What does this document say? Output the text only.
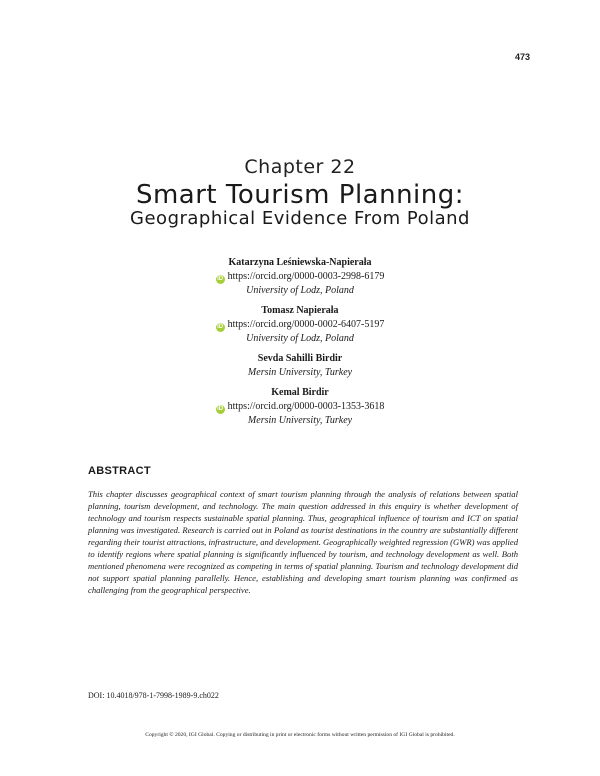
473
Chapter 22
Smart Tourism Planning:
Geographical Evidence From Poland
Katarzyna Leśniewska-Napierała
iD https://orcid.org/0000-0003-2998-6179
University of Lodz, Poland
Tomasz Napierała
iD https://orcid.org/0000-0002-6407-5197
University of Lodz, Poland
Sevda Sahilli Birdir
Mersin University, Turkey
Kemal Birdir
iD https://orcid.org/0000-0003-1353-3618
Mersin University, Turkey
ABSTRACT
This chapter discusses geographical context of smart tourism planning through the analysis of relations between spatial planning, tourism development, and technology. The main question addressed in this enquiry is whether development of technology and tourism respects sustainable spatial planning. Thus, geographical influence of tourism and ICT on spatial planning was investigated. Research is carried out in Poland as tourist destinations in the country are substantially different regarding their tourist attractions, infrastructure, and development. Geographically weighted regression (GWR) was applied to identify regions where spatial planning is significantly influenced by tourism, and technology development as well. Both mentioned phenomena were recognized as competing in terms of spatial planning. Tourism and technology development did not support spatial planning parallelly. Hence, establishing and developing smart tourism planning was confirmed as challenging from the geographical perspective.
DOI: 10.4018/978-1-7998-1989-9.ch022
Copyright © 2020, IGI Global. Copying or distributing in print or electronic forms without written permission of IGI Global is prohibited.
